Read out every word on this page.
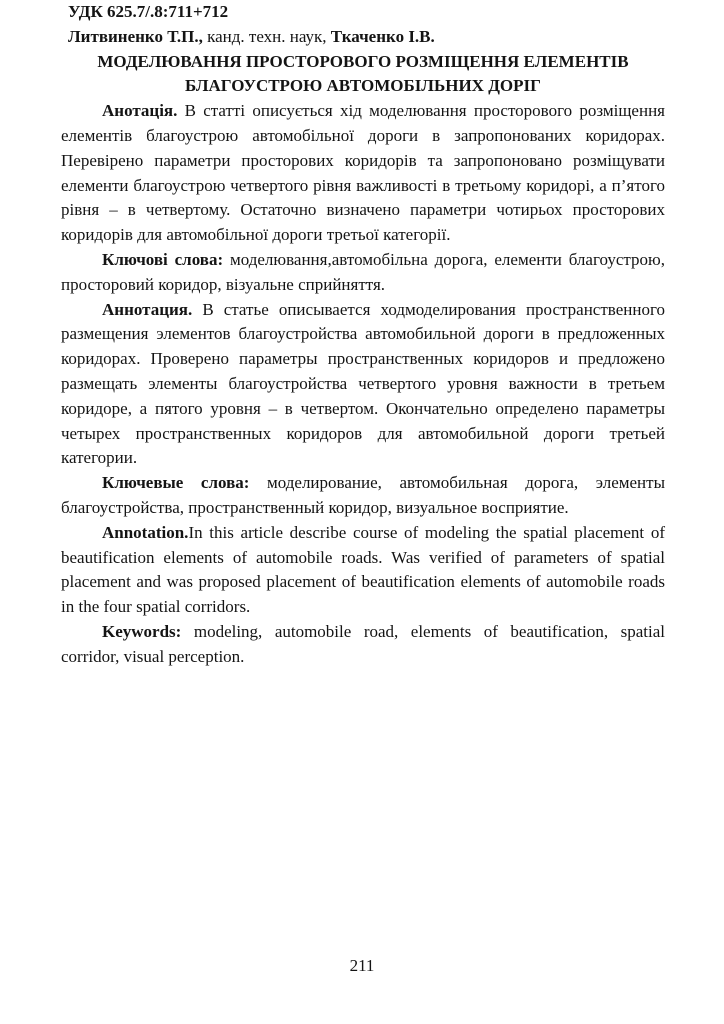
УДК 625.7/.8:711+712

Литвиненко Т.П., канд. техн. наук, Ткаченко І.В.

МОДЕЛЮВАННЯ ПРОСТОРОВОГО РОЗМІЩЕННЯ ЕЛЕМЕНТІВ
БЛАГОУСТРОЮ АВТОМОБІЛЬНИХ ДОРІГ

Анотація. В статті описується хід моделювання просторового розміщення елементів благоустрою автомобільної дороги в запропонованих коридорах. Перевірено параметри просторових коридорів та запропоновано розміщувати елементи благоустрою четвертого рівня важливості в третьому коридорі, а п’ятого рівня – в четвертому. Остаточно визначено параметри чотирьох просторових коридорів для автомобільної дороги третьої категорії.

Ключові слова: моделювання,автомобільна дорога, елементи благоустрою, просторовий коридор, візуальне сприйняття.

Аннотация. В статье описывается ходмоделирования пространственного размещения элементов благоустройства автомобильной дороги в предложенных коридорах. Проверено параметры пространственных коридоров и предложено размещать элементы благоустройства четвертого уровня важности в третьем коридоре, а пятого уровня – в четвертом. Окончательно определено параметры четырех пространственных коридоров для автомобильной дороги третьей категории.

Ключевые слова: моделирование, автомобильная дорога, элементы благоустройства, пространственный коридор, визуальное восприятие.

Annotation.In this article describe course of modeling the spatial placement of beautification elements of automobile roads. Was verified of parameters of spatial placement and was proposed placement of beautification elements of automobile roads in the four spatial corridors.

Keywords: modeling, automobile road, elements of beautification, spatial corridor, visual perception.

211
